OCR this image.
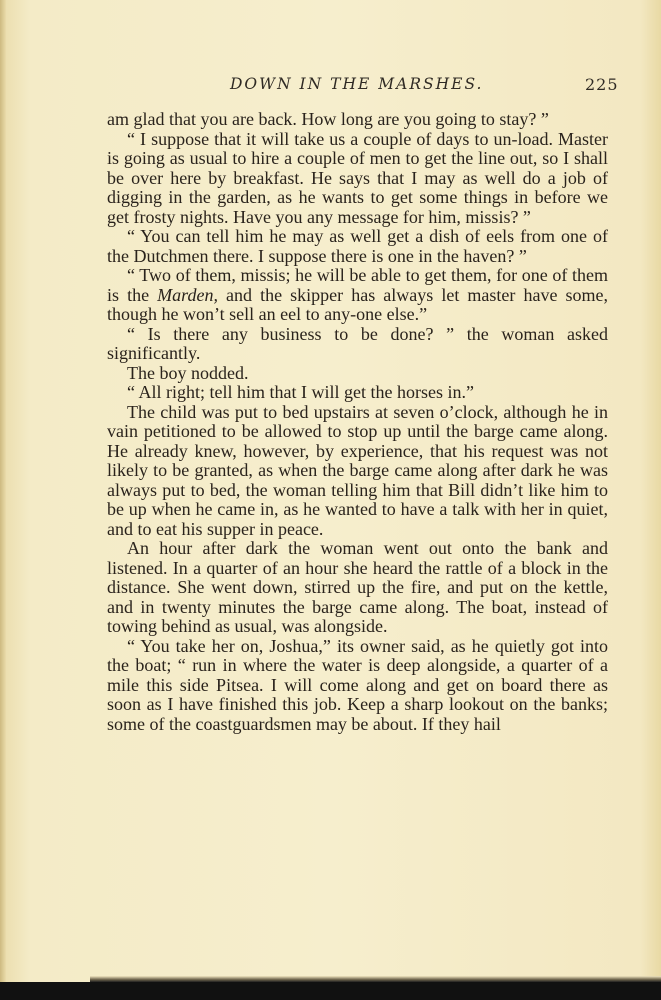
DOWN IN THE MARSHES.	225

am glad that you are back. How long are you going to stay? ”

“ I suppose that it will take us a couple of days to un-load. Master is going as usual to hire a couple of men to get the line out, so I shall be over here by breakfast. He says that I may as well do a job of digging in the garden, as he wants to get some things in before we get frosty nights. Have you any message for him, missis? ”

“ You can tell him he may as well get a dish of eels from one of the Dutchmen there. I suppose there is one in the haven? ”

“ Two of them, missis; he will be able to get them, for one of them is the Marden, and the skipper has always let master have some, though he won’t sell an eel to any-one else.”

“ Is there any business to be done? ” the woman asked significantly.

The boy nodded.

“ All right; tell him that I will get the horses in.”

The child was put to bed upstairs at seven o’clock, although he in vain petitioned to be allowed to stop up until the barge came along. He already knew, however, by experience, that his request was not likely to be granted, as when the barge came along after dark he was always put to bed, the woman telling him that Bill didn’t like him to be up when he came in, as he wanted to have a talk with her in quiet, and to eat his supper in peace.

An hour after dark the woman went out onto the bank and listened. In a quarter of an hour she heard the rattle of a block in the distance. She went down, stirred up the fire, and put on the kettle, and in twenty minutes the barge came along. The boat, instead of towing behind as usual, was alongside.

“ You take her on, Joshua,” its owner said, as he quietly got into the boat; “ run in where the water is deep alongside, a quarter of a mile this side Pitsea. I will come along and get on board there as soon as I have finished this job. Keep a sharp lookout on the banks; some of the coastguardsmen may be about. If they hail
